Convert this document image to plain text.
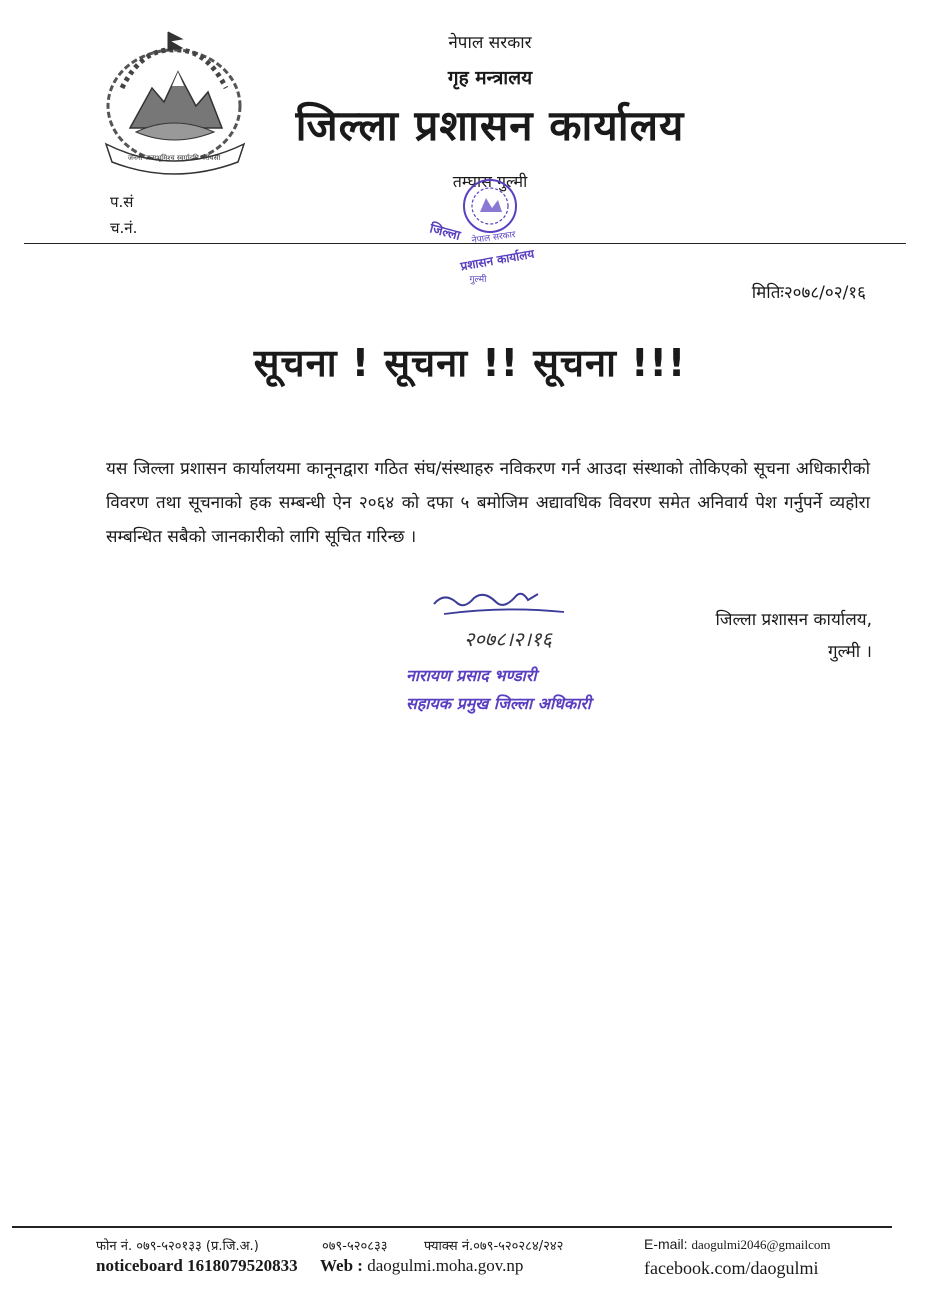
जननी जन्मभूमिश्च स्वर्गादपि गरीयसी
नेपाल सरकार
गृह मन्त्रालय
जिल्ला प्रशासन कार्यालय
तम्घास गुल्मी
प.सं
च.नं.
नेपाल सरकार
जिल्ला
प्रशासन कार्यालय
गुल्मी
मितिः२०७८/०२/१६
सूचना ! सूचना !! सूचना !!!
यस जिल्ला प्रशासन कार्यालयमा कानूनद्वारा गठित संघ/संस्थाहरु नविकरण गर्न आउदा संस्थाको तोकिएको सूचना अधिकारीको विवरण तथा सूचनाको हक सम्बन्धी ऐन २०६४ को दफा ५ बमोजिम अद्यावधिक विवरण समेत अनिवार्य पेश गर्नुपर्ने व्यहोरा सम्बन्धित सबैको जानकारीको लागि सूचित गरिन्छ ।
२०७८।२।१६
नारायण प्रसाद भण्डारी
सहायक प्रमुख जिल्ला अधिकारी
जिल्ला प्रशासन कार्यालय,
गुल्मी ।
फोन नं. ०७९-५२०१३३ (प्र.जि.अ.)	०७९-५२०८३३	फ्याक्स नं.०७९-५२०२८४/२४२	E-mail: daogulmi2046@gmailcom
noticeboard 1618079520833 Web : daogulmi.moha.gov.np	facebook.com/daogulmi
